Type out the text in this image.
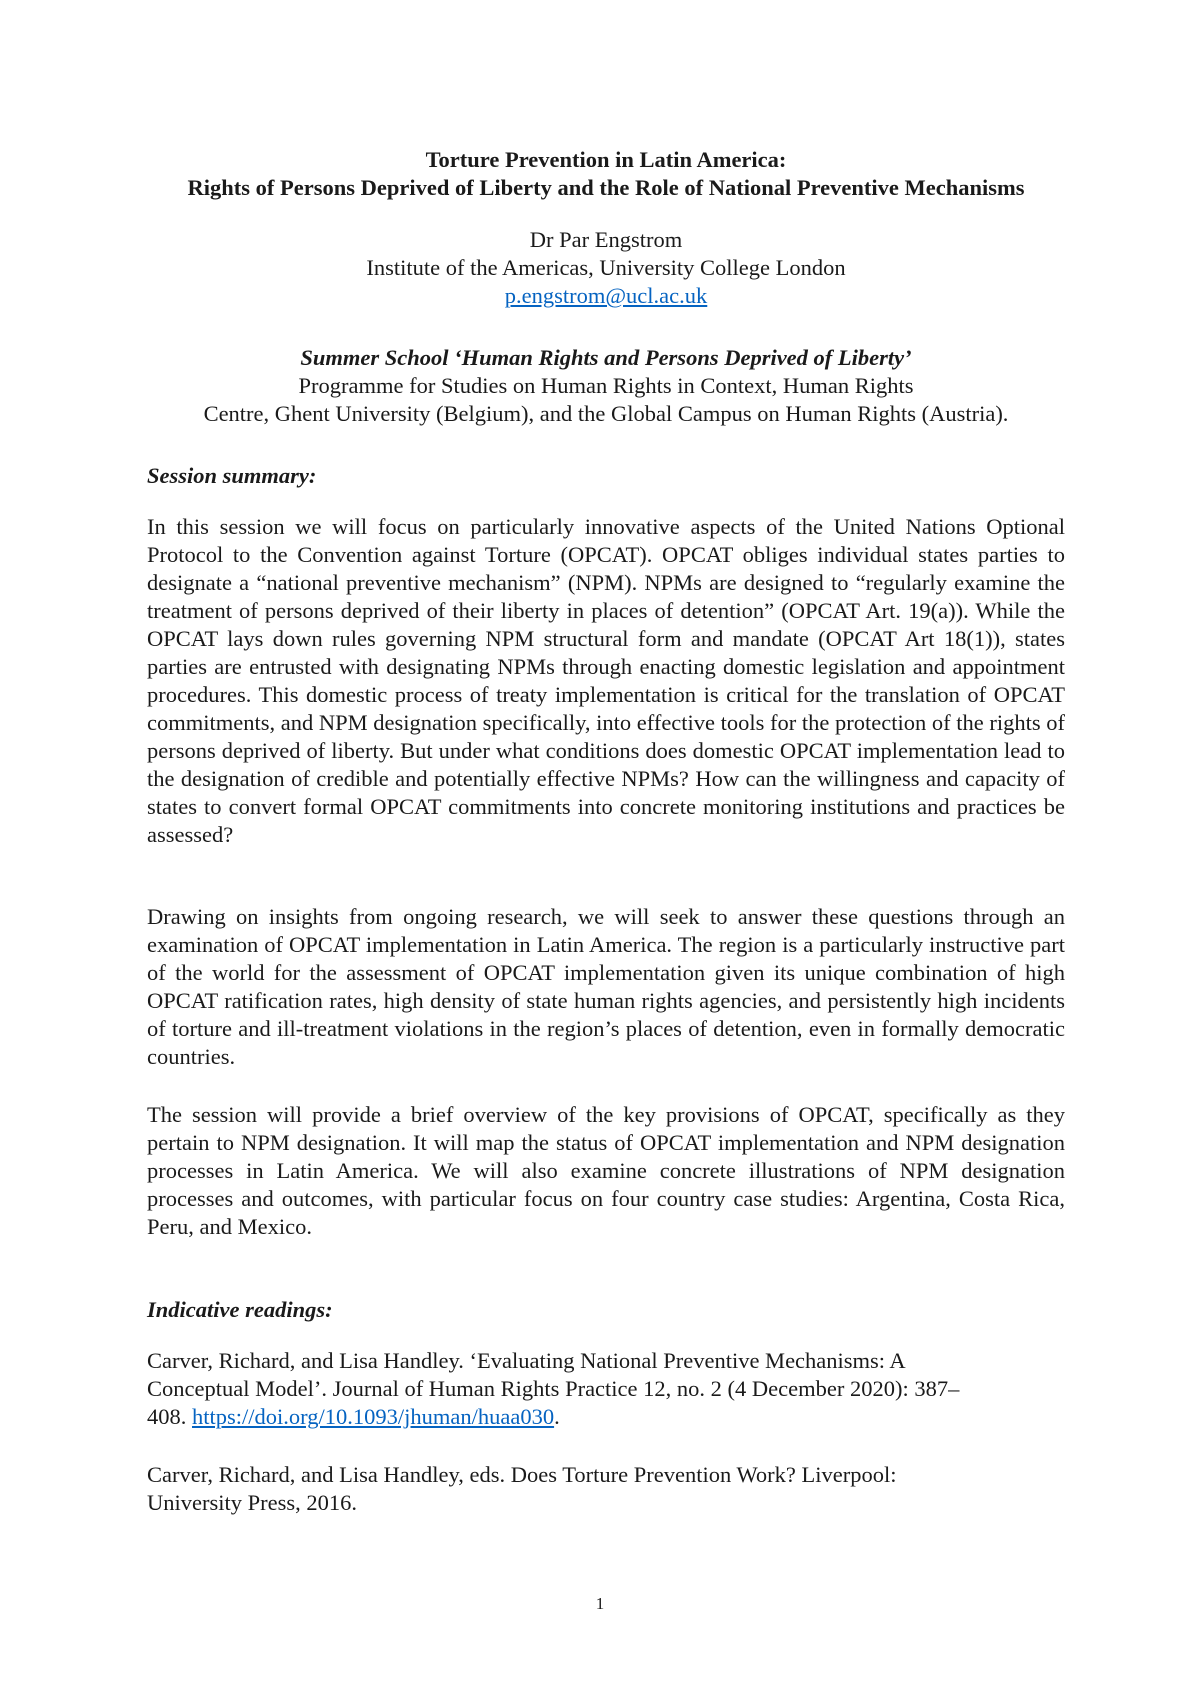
Torture Prevention in Latin America:
Rights of Persons Deprived of Liberty and the Role of National Preventive Mechanisms
Dr Par Engstrom
Institute of the Americas, University College London
p.engstrom@ucl.ac.uk
Summer School ‘Human Rights and Persons Deprived of Liberty’
Programme for Studies on Human Rights in Context, Human Rights
Centre, Ghent University (Belgium), and the Global Campus on Human Rights (Austria).
Session summary:

In this session we will focus on particularly innovative aspects of the United Nations Optional Protocol to the Convention against Torture (OPCAT). OPCAT obliges individual states parties to designate a “national preventive mechanism” (NPM). NPMs are designed to “regularly examine the treatment of persons deprived of their liberty in places of detention” (OPCAT Art. 19(a)). While the OPCAT lays down rules governing NPM structural form and mandate (OPCAT Art 18(1)), states parties are entrusted with designating NPMs through enacting domestic legislation and appointment procedures. This domestic process of treaty implementation is critical for the translation of OPCAT commitments, and NPM designation specifically, into effective tools for the protection of the rights of persons deprived of liberty. But under what conditions does domestic OPCAT implementation lead to the designation of credible and potentially effective NPMs? How can the willingness and capacity of states to convert formal OPCAT commitments into concrete monitoring institutions and practices be assessed?

Drawing on insights from ongoing research, we will seek to answer these questions through an examination of OPCAT implementation in Latin America. The region is a particularly instructive part of the world for the assessment of OPCAT implementation given its unique combination of high OPCAT ratification rates, high density of state human rights agencies, and persistently high incidents of torture and ill-treatment violations in the region’s places of detention, even in formally democratic countries.

The session will provide a brief overview of the key provisions of OPCAT, specifically as they pertain to NPM designation. It will map the status of OPCAT implementation and NPM designation processes in Latin America. We will also examine concrete illustrations of NPM designation processes and outcomes, with particular focus on four country case studies: Argentina, Costa Rica, Peru, and Mexico.

Indicative readings:
Carver, Richard, and Lisa Handley. ‘Evaluating National Preventive Mechanisms: A
Conceptual Model’. Journal of Human Rights Practice 12, no. 2 (4 December 2020): 387–
408. https://doi.org/10.1093/jhuman/huaa030.
Carver, Richard, and Lisa Handley, eds. Does Torture Prevention Work? Liverpool:
University Press, 2016.
1
